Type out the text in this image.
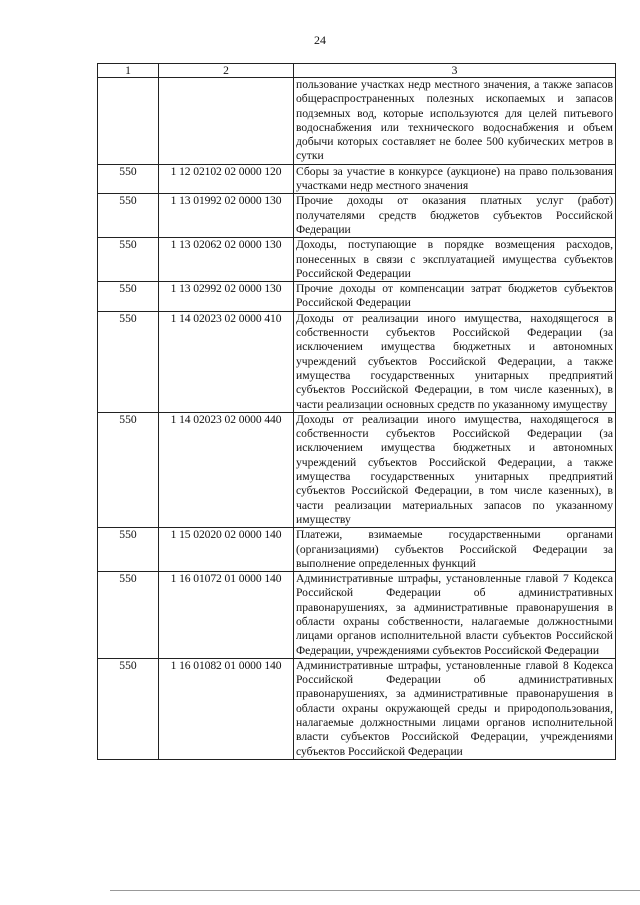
24
1	2	3
		пользование участках недр местного значения, а также запасов общераспространенных полезных ископаемых и запасов подземных вод, которые используются для целей питьевого водоснабжения или технического водоснабжения и объем добычи которых составляет не более 500 кубических метров в сутки
550	1 12 02102 02 0000 120	Сборы за участие в конкурсе (аукционе) на право пользования участками недр местного значения
550	1 13 01992 02 0000 130	Прочие доходы от оказания платных услуг (работ) получателями средств бюджетов субъектов Российской Федерации
550	1 13 02062 02 0000 130	Доходы, поступающие в порядке возмещения расходов, понесенных в связи с эксплуатацией имущества субъектов Российской Федерации
550	1 13 02992 02 0000 130	Прочие доходы от компенсации затрат бюджетов субъектов Российской Федерации
550	1 14 02023 02 0000 410	Доходы от реализации иного имущества, находящегося в собственности субъектов Российской Федерации (за исключением имущества бюджетных и автономных учреждений субъектов Российской Федерации, а также имущества государственных унитарных предприятий субъектов Российской Федерации, в том числе казенных), в части реализации основных средств по указанному имуществу
550	1 14 02023 02 0000 440	Доходы от реализации иного имущества, находящегося в собственности субъектов Российской Федерации (за исключением имущества бюджетных и автономных учреждений субъектов Российской Федерации, а также имущества государственных унитарных предприятий субъектов Российской Федерации, в том числе казенных), в части реализации материальных запасов по указанному имуществу
550	1 15 02020 02 0000 140	Платежи, взимаемые государственными органами (организациями) субъектов Российской Федерации за выполнение определенных функций
550	1 16 01072 01 0000 140	Административные штрафы, установленные главой 7 Кодекса Российской Федерации об административных правонарушениях, за административные правонарушения в области охраны собственности, налагаемые должностными лицами органов исполнительной власти субъектов Российской Федерации, учреждениями субъектов Российской Федерации
550	1 16 01082 01 0000 140	Административные штрафы, установленные главой 8 Кодекса Российской Федерации об административных правонарушениях, за административные правонарушения в области охраны окружающей среды и природопользования, налагаемые должностными лицами органов исполнительной власти субъектов Российской Федерации, учреждениями субъектов Российской Федерации
